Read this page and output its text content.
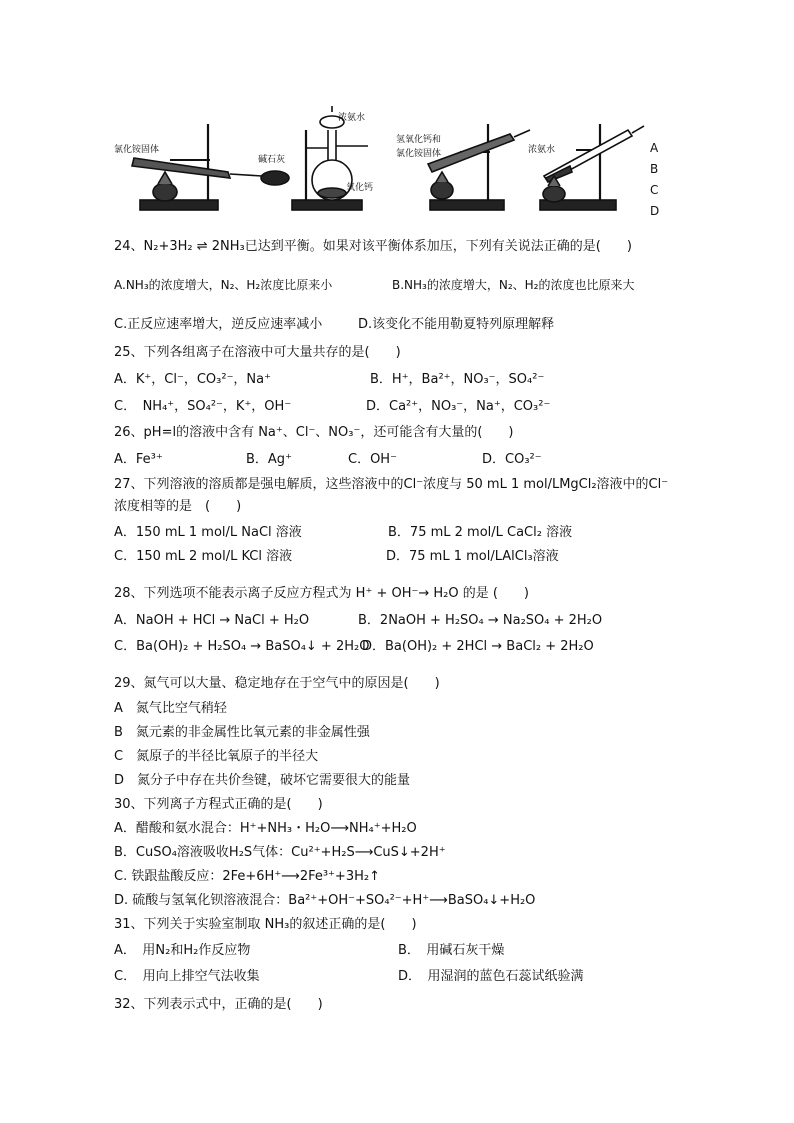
氯化铵固体
碱石灰
浓氨水
氧化钙
氢氧化钙和
氯化铵固体	浓氨水	A
B
C
D
24、N₂+3H₂ ⇌ 2NH₃已达到平衡。如果对该平衡体系加压，下列有关说法正确的是(　　)
A.NH₃的浓度增大，N₂、H₂浓度比原来小	B.NH₃的浓度增大，N₂、H₂的浓度也比原来大
C.正反应速率增大，逆反应速率减小	D.该变化不能用勒夏特列原理解释
25、下列各组离子在溶液中可大量共存的是(　　)
A．K⁺，Cl⁻，CO₃²⁻，Na⁺	B．H⁺，Ba²⁺，NO₃⁻，SO₄²⁻
C．　NH₄⁺，SO₄²⁻，K⁺，OH⁻	D．Ca²⁺，NO₃⁻，Na⁺，CO₃²⁻
26、pH=l的溶液中含有 Na⁺、Cl⁻、NO₃⁻，还可能含有大量的(　　)
A．Fe³⁺	B．Ag⁺	C．OH⁻	D．CO₃²⁻
27、下列溶液的溶质都是强电解质，这些溶液中的Cl⁻浓度与 50 mL 1 mol/LMgCl₂溶液中的Cl⁻
浓度相等的是　(　　)
A．150 mL 1 mol/L NaCl 溶液	B．75 mL 2 mol/L CaCl₂ 溶液
C．150 mL 2 mol/L KCl 溶液	D．75 mL 1 mol/LAlCl₃溶液
28、下列选项不能表示离子反应方程式为 H⁺ + OH⁻→ H₂O 的是 (　　)
A．NaOH + HCl → NaCl + H₂O	B．2NaOH + H₂SO₄ → Na₂SO₄ + 2H₂O
C．Ba(OH)₂ + H₂SO₄ → BaSO₄↓ + 2H₂O
D．Ba(OH)₂ + 2HCl → BaCl₂ + 2H₂O
29、氮气可以大量、稳定地存在于空气中的原因是(　　)
A　氮气比空气稍轻
B　氮元素的非金属性比氧元素的非金属性强
C　氮原子的半径比氧原子的半径大
D　氮分子中存在共价叁键，破坏它需要很大的能量
30、下列离子方程式正确的是(　　)
A．醋酸和氨水混合：H⁺+NH₃・H₂O⟶NH₄⁺+H₂O
B．CuSO₄溶液吸收H₂S气体：Cu²⁺+H₂S⟶CuS↓+2H⁺
C. 铁跟盐酸反应：2Fe+6H⁺⟶2Fe³⁺+3H₂↑
D. 硫酸与氢氧化钡溶液混合：Ba²⁺+OH⁻+SO₄²⁻+H⁺⟶BaSO₄↓+H₂O
31、下列关于实验室制取 NH₃的叙述正确的是(　　)
A．　用N₂和H₂作反应物	B．　用碱石灰干燥
C．　用向上排空气法收集	D．　用湿润的蓝色石蕊试纸验满
32、下列表示式中，正确的是(　　)
